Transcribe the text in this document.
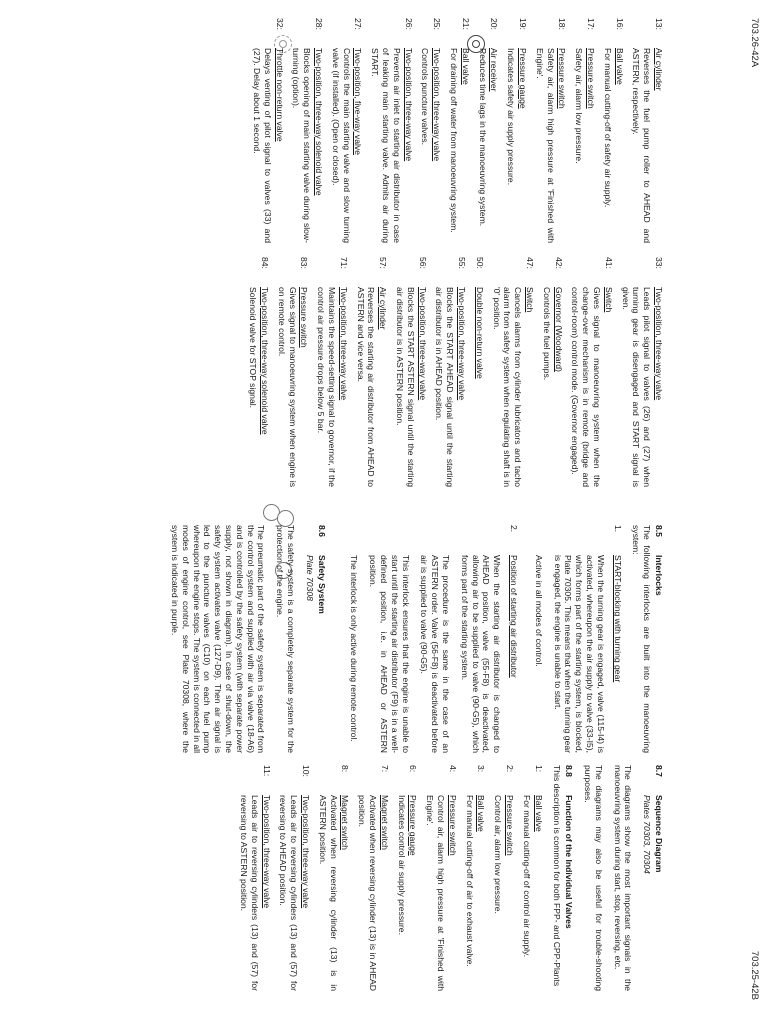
703.26-42A
703.25-42B
13:
Air cylinder
Reverses the fuel pump roller to AHEAD and ASTERN, respectively.
16:
Ball valve
For manual cutting-off of safety air supply.
17:
Pressure switch
Safety air, alarm low pressure.
18:
Pressure switch
Safety air, alarm high pressure at 'Finished with Engine'.
19:
Pressure gauge
Indicates safety air supply pressure.
20:
Air receiver
Reduces time lags in the manoeuvring system.
21:
Ball valve
For draining off water from manoeuvring system.
25:
Two-position, three-way valve
Controls puncture valves.
26:
Two-position, three-way valve
Prevents air inlet to starting air distributor in case of leaking main starting valve. Admits air during START.
27:
Two-position, five-way valve
Controls the main starting valve and slow turning valve (if installed). (Open or closed).
28:
Two-position, three-way solenoid valve
Blocks opening of main starting valve during slow-turning (option).
32:
Throttle non-return valve
Delays venting of pilot signal to valves (33) and (27). Delay about 1 second.
33:
Two-position, three-way valve
Leads pilot signal to valves (26) and (27) when turning gear is disengaged and START signal is given.
41:
Switch
Gives signal to manoeuvring system when the change-over mechanism is in remote (bridge and control-room) control mode. (Governor engaged).
42:
Governor (Woodward)
Controls the fuel pumps.
47:
Switch
Cancels alarms from cylinder lubricators and tacho alarm from safety system when regulating shaft is in '0' position.
50:
Double non-return valve
55:
Two-position, three-way valve
Blocks the START AHEAD signal until the starting air distributor is in AHEAD position.
56:
Two-position, three-way valve
Blocks the START ASTERN signal until the starting air distributor is in ASTERN position.
57:
Air cylinder
Reverses the starting air distributor from AHEAD to ASTERN and vice versa.
71:
Two-position, three-way valve
Maintains the speed-setting signal to governor, if the control air pressure drops below 5 bar.
83:
Pressure switch
Gives signal to manoeuvring system when engine is on remote control.
84:
Two-position, three-way solenoid valve
Solenoid valve for STOP signal.
8.5Interlocks
The following interlocks are built into the manoeuvring system:
1.
START-blocking with turning gear
When the turning gear is engaged, valve (115-I4) is activated, whereupon the air supply to valve (33-I5), which forms part of the starting system, is blocked, Plate 70305. This means that when the turning gear is engaged, the engine is unable to start.
Active in all modes of control.
2.
Position of starting air distributor
When the starting air distributor is changed to AHEAD position, valve (55-F8) is deactivated, allowing air to be supplied to valve (90-G5), which forms part of the starting system.
The procedure is the same in the case of an ASTERN order. Valve (56-F8) is deactivated before air is supplied to valve (90-G5).
This interlock ensures that the engine is unable to start until the starting air distributor (F9) is in a well-defined position, i.e. in AHEAD or ASTERN position.
The interlock is only active during remote control.
8.6Safety System
Plate 70308
The safety system is a completely separate system for the protection of the engine.
The pneumatic part of the safety system is separated from the control system and supplied with air via valve (18-A6) and is controlled by the safety system (with separate power supply, not shown in diagram). In case of shut-down, the safety system activates valve (127-D9). Then air signal is led to the puncture valves (C10) on each fuel pump whereupon the engine stops. The system is connected in all modes of engine control, see Plate 70308, where the system is indicated in purple.
8.7Sequence Diagram
Plates 70303, 70304
The diagrams show the most important signals in the manoeuvring system during start, stop, reversing, etc.
The diagrams may also be useful for trouble-shooting purposes.
8.8Function of the Individual Valves
This description is common for both FPP- and CPP-Plants
1:
Ball valve
For manual cutting-off of control air supply.
2:
Pressure switch
Control air, alarm low pressure.
3:
Ball valve
For manual cutting-off of air to exhaust valve.
4:
Pressure switch
Control air, alarm high pressure at 'Finished with Engine'.
6:
Pressure gauge
Indicates control air supply pressure.
7:
Magnet switch
Activated when reversing cylinder (13) is in AHEAD position.
8:
Magnet switch
Activated when reversing cylinder (13) is in ASTERN position.
10:
Two-position, three-way valve
Leads air to reversing cylinders (13) and (57) for reversing to AHEAD position.
11:
Two-position, three-way valve
Leads air to reversing cylinders (13) and (57) for reversing to ASTERN position.
